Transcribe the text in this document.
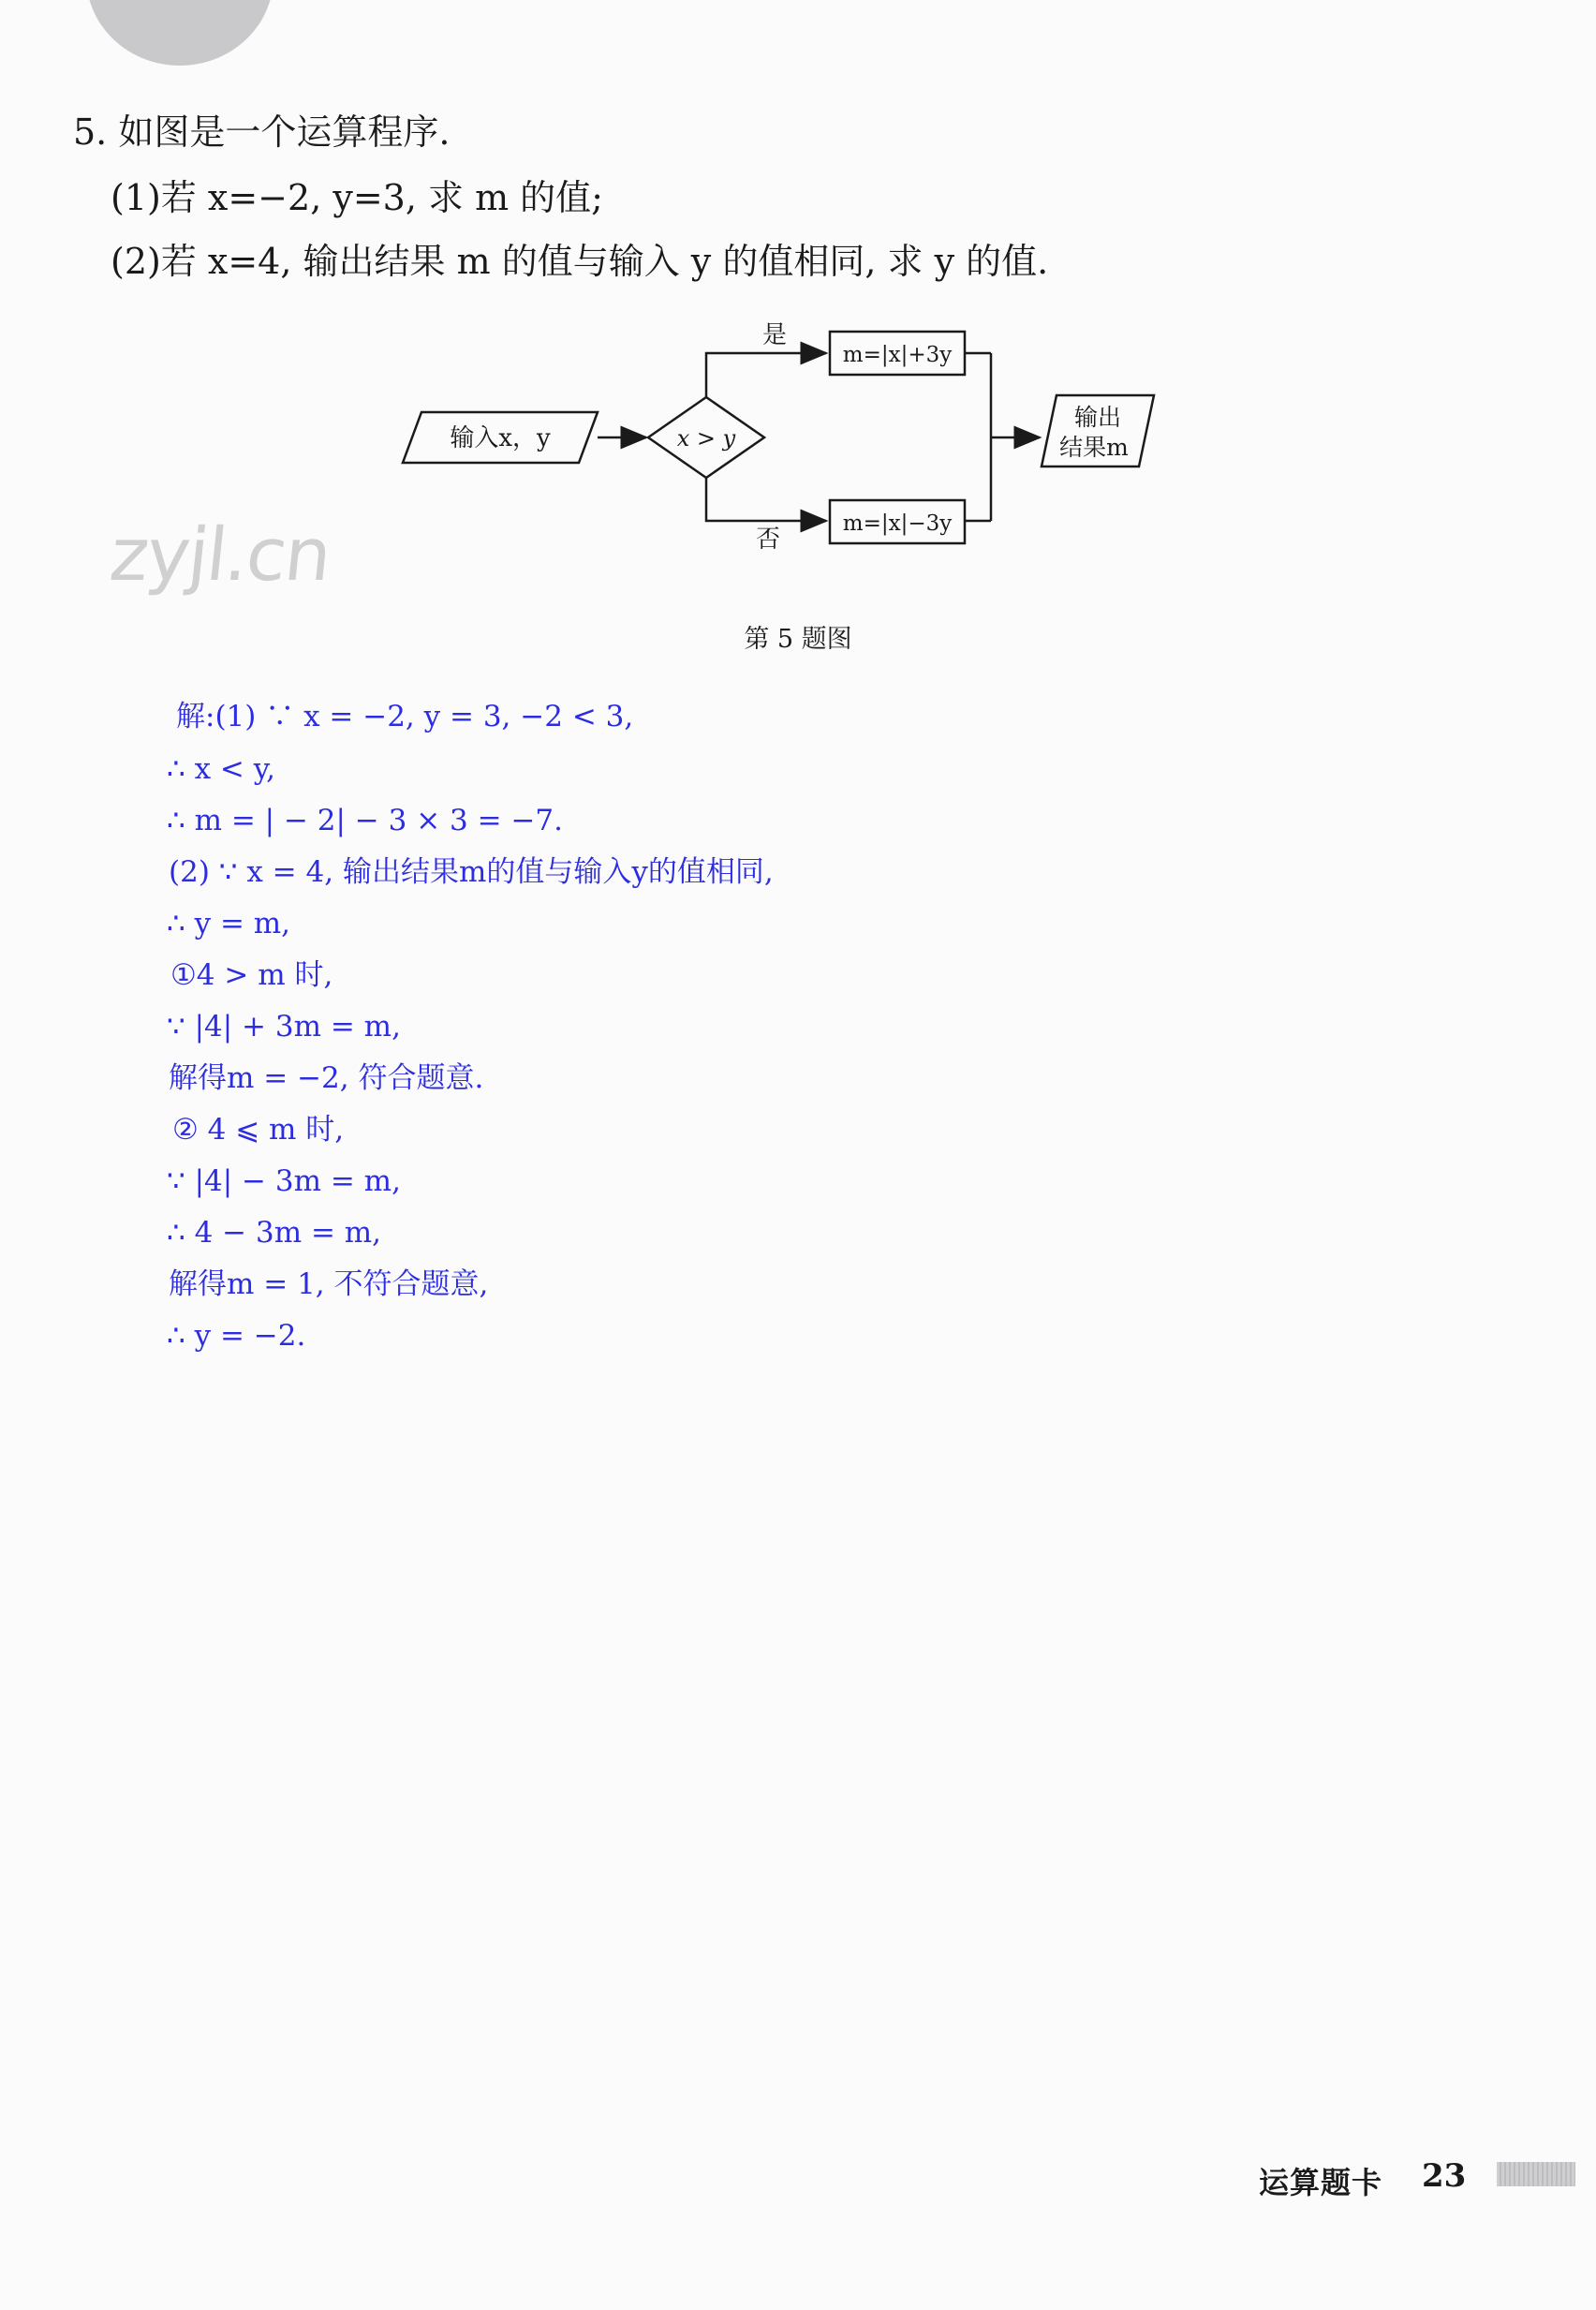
5. 如图是一个运算程序.
(1)若 x=−2, y=3, 求 m 的值;
(2)若 x=4, 输出结果 m 的值与输入 y 的值相同, 求 y 的值.
输入x，y	x > y
是
m=|x|+3y
否
m=|x|−3y
输出
结果m
zyjl.cn
第 5 题图
解:(1) ∵ x = −2, y = 3, −2 < 3,
∴ x < y,
∴ m = | − 2| − 3 × 3 = −7.
(2) ∵ x = 4, 输出结果m的值与输入y的值相同,
∴ y = m,
①4 > m 时,
∵ |4| + 3m = m,
解得m = −2, 符合题意.
② 4 ⩽ m 时,
∵ |4| − 3m = m,
∴ 4 − 3m = m,
解得m = 1, 不符合题意,
∴ y = −2.
运算题卡 23
